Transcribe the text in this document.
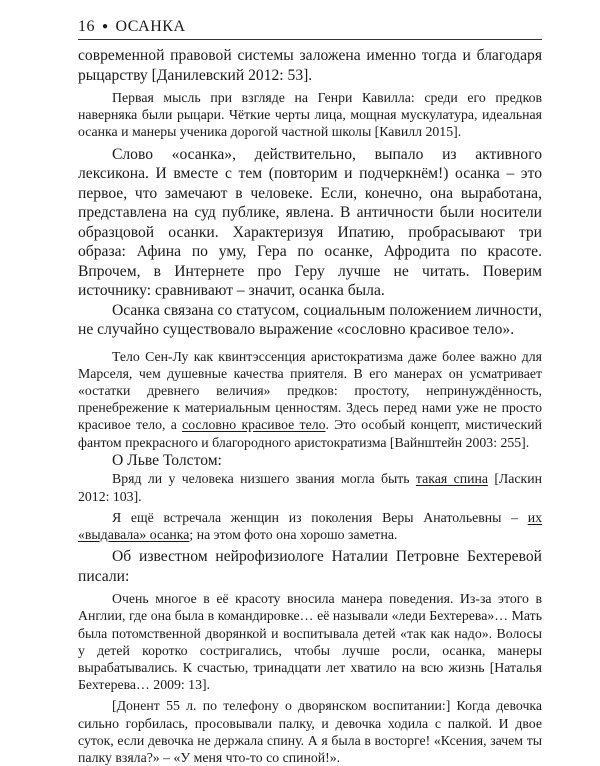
16 ● ОСАНКА

современной правовой системы заложена именно тогда и благодаря рыцарству [Данилевский 2012: 53].

Первая мысль при взгляде на Генри Кавилла: среди его предков наверняка были рыцари. Чёткие черты лица, мощная мускулатура, идеальная осанка и манеры ученика дорогой частной школы [Кавилл 2015].

Слово «осанка», действительно, выпало из активного лексикона. И вместе с тем (повторим и подчеркнём!) осанка – это первое, что замечают в человеке. Если, конечно, она выработана, представлена на суд публике, явлена. В античности были носители образцовой осанки. Характеризуя Ипатию, пробрасывают три образа: Афина по уму, Гера по осанке, Афродита по красоте. Впрочем, в Интернете про Геру лучше не читать. Поверим источнику: сравнивают – значит, осанка была.

Осанка связана со статусом, социальным положением личности, не случайно существовало выражение «сословно красивое тело».

Тело Сен-Лу как квинтэссенция аристократизма даже более важно для Марселя, чем душевные качества приятеля. В его манерах он усматривает «остатки древнего величия» предков: простоту, непринуждённость, пренебрежение к материальным ценностям. Здесь перед нами уже не просто красивое тело, а сословно красивое тело. Это особый концепт, мистический фантом прекрасного и благородного аристократизма [Вайнштейн 2003: 255].

О Льве Толстом:

Вряд ли у человека низшего звания могла быть такая спина [Ласкин 2012: 103].

Я ещё встречала женщин из поколения Веры Анатольевны – их «выдавала» осанка; на этом фото она хорошо заметна.

Об известном нейрофизиологе Наталии Петровне Бехтеревой писали:

Очень многое в её красоту вносила манера поведения. Из-за этого в Англии, где она была в командировке… её называли «леди Бехтерева»… Мать была потомственной дворянкой и воспитывала детей «так как надо». Волосы у детей коротко состригались, чтобы лучше росли, осанка, манеры вырабатывались. К счастью, тринадцати лет хватило на всю жизнь [Наталья Бехтерева… 2009: 13].

[Донент 55 л. по телефону о дворянском воспитании:] Когда девочка сильно горбилась, просовывали палку, и девочка ходила с палкой. И двое суток, если девочка не держала спину. А я была в восторге! «Ксения, зачем ты палку взяла?» – «У меня что-то со спиной!».
